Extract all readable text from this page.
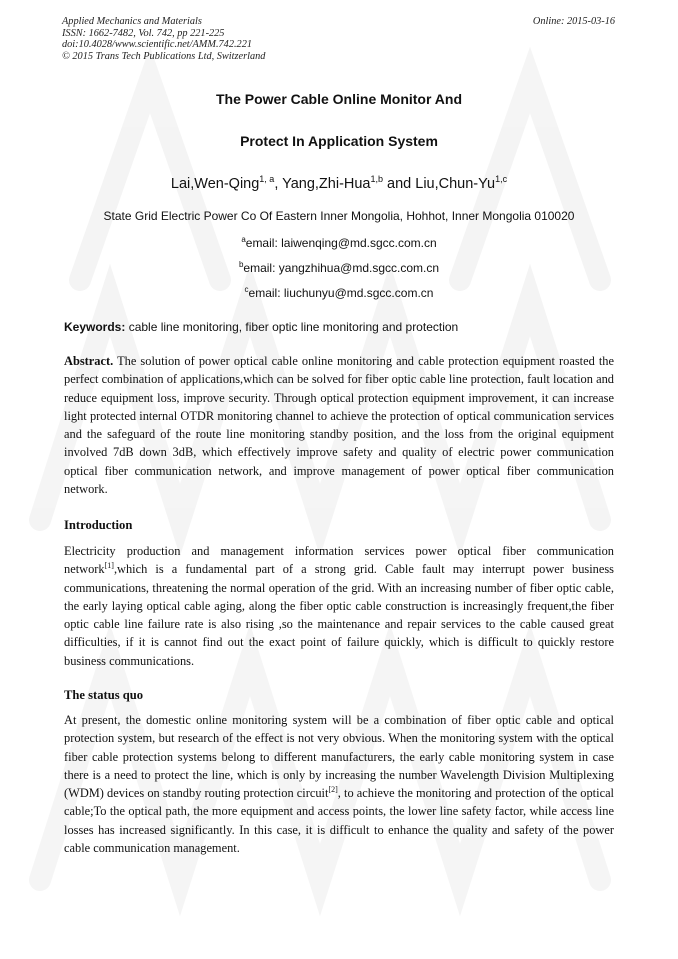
Applied Mechanics and Materials
ISSN: 1662-7482, Vol. 742, pp 221-225
doi:10.4028/www.scientific.net/AMM.742.221
© 2015 Trans Tech Publications Ltd, Switzerland
Online: 2015-03-16
The Power Cable Online Monitor And
Protect In Application System
Lai,Wen-Qing$^{1, a}$, Yang,Zhi-Hua$^{1,b}$ and Liu,Chun-Yu$^{1,c}$
State Grid Electric Power Co Of Eastern Inner Mongolia, Hohhot, Inner Mongolia 010020
$^a$email: laiwenqing@md.sgcc.com.cn
$^b$email: yangzhihua@md.sgcc.com.cn
$^c$email: liuchunyu@md.sgcc.com.cn
Keywords: cable line monitoring, fiber optic line monitoring and protection
Abstract. The solution of power optical cable online monitoring and cable protection equipment roasted the perfect combination of applications,which can be solved for fiber optic cable line protection, fault location and reduce equipment loss, improve security. Through optical protection equipment improvement, it can increase light protected internal OTDR monitoring channel to achieve the protection of optical communication services and the safeguard of the route line monitoring standby position, and the loss from the original equipment involved 7dB down 3dB, which effectively improve safety and quality of electric power communication optical fiber communication network, and improve management of power optical fiber communication network.
Introduction
Electricity production and management information services power optical fiber communication network[1],which is a fundamental part of a strong grid. Cable fault may interrupt power business communications, threatening the normal operation of the grid. With an increasing number of fiber optic cable, the early laying optical cable aging, along the fiber optic cable construction is increasingly frequent,the fiber optic cable line failure rate is also rising ,so the maintenance and repair services to the cable caused great difficulties, if it is cannot find out the exact point of failure quickly, which is difficult to quickly restore business communications.
The status quo
At present, the domestic online monitoring system will be a combination of fiber optic cable and optical protection system, but research of the effect is not very obvious. When the monitoring system with the optical fiber cable protection systems belong to different manufacturers, the early cable monitoring system in case there is a need to protect the line, which is only by increasing the number Wavelength Division Multiplexing (WDM) devices on standby routing protection circuit[2], to achieve the monitoring and protection of the optical cable;To the optical path, the more equipment and access points, the lower line safety factor, while access line losses has increased significantly. In this case, it is difficult to enhance the quality and safety of the power cable communication management.
